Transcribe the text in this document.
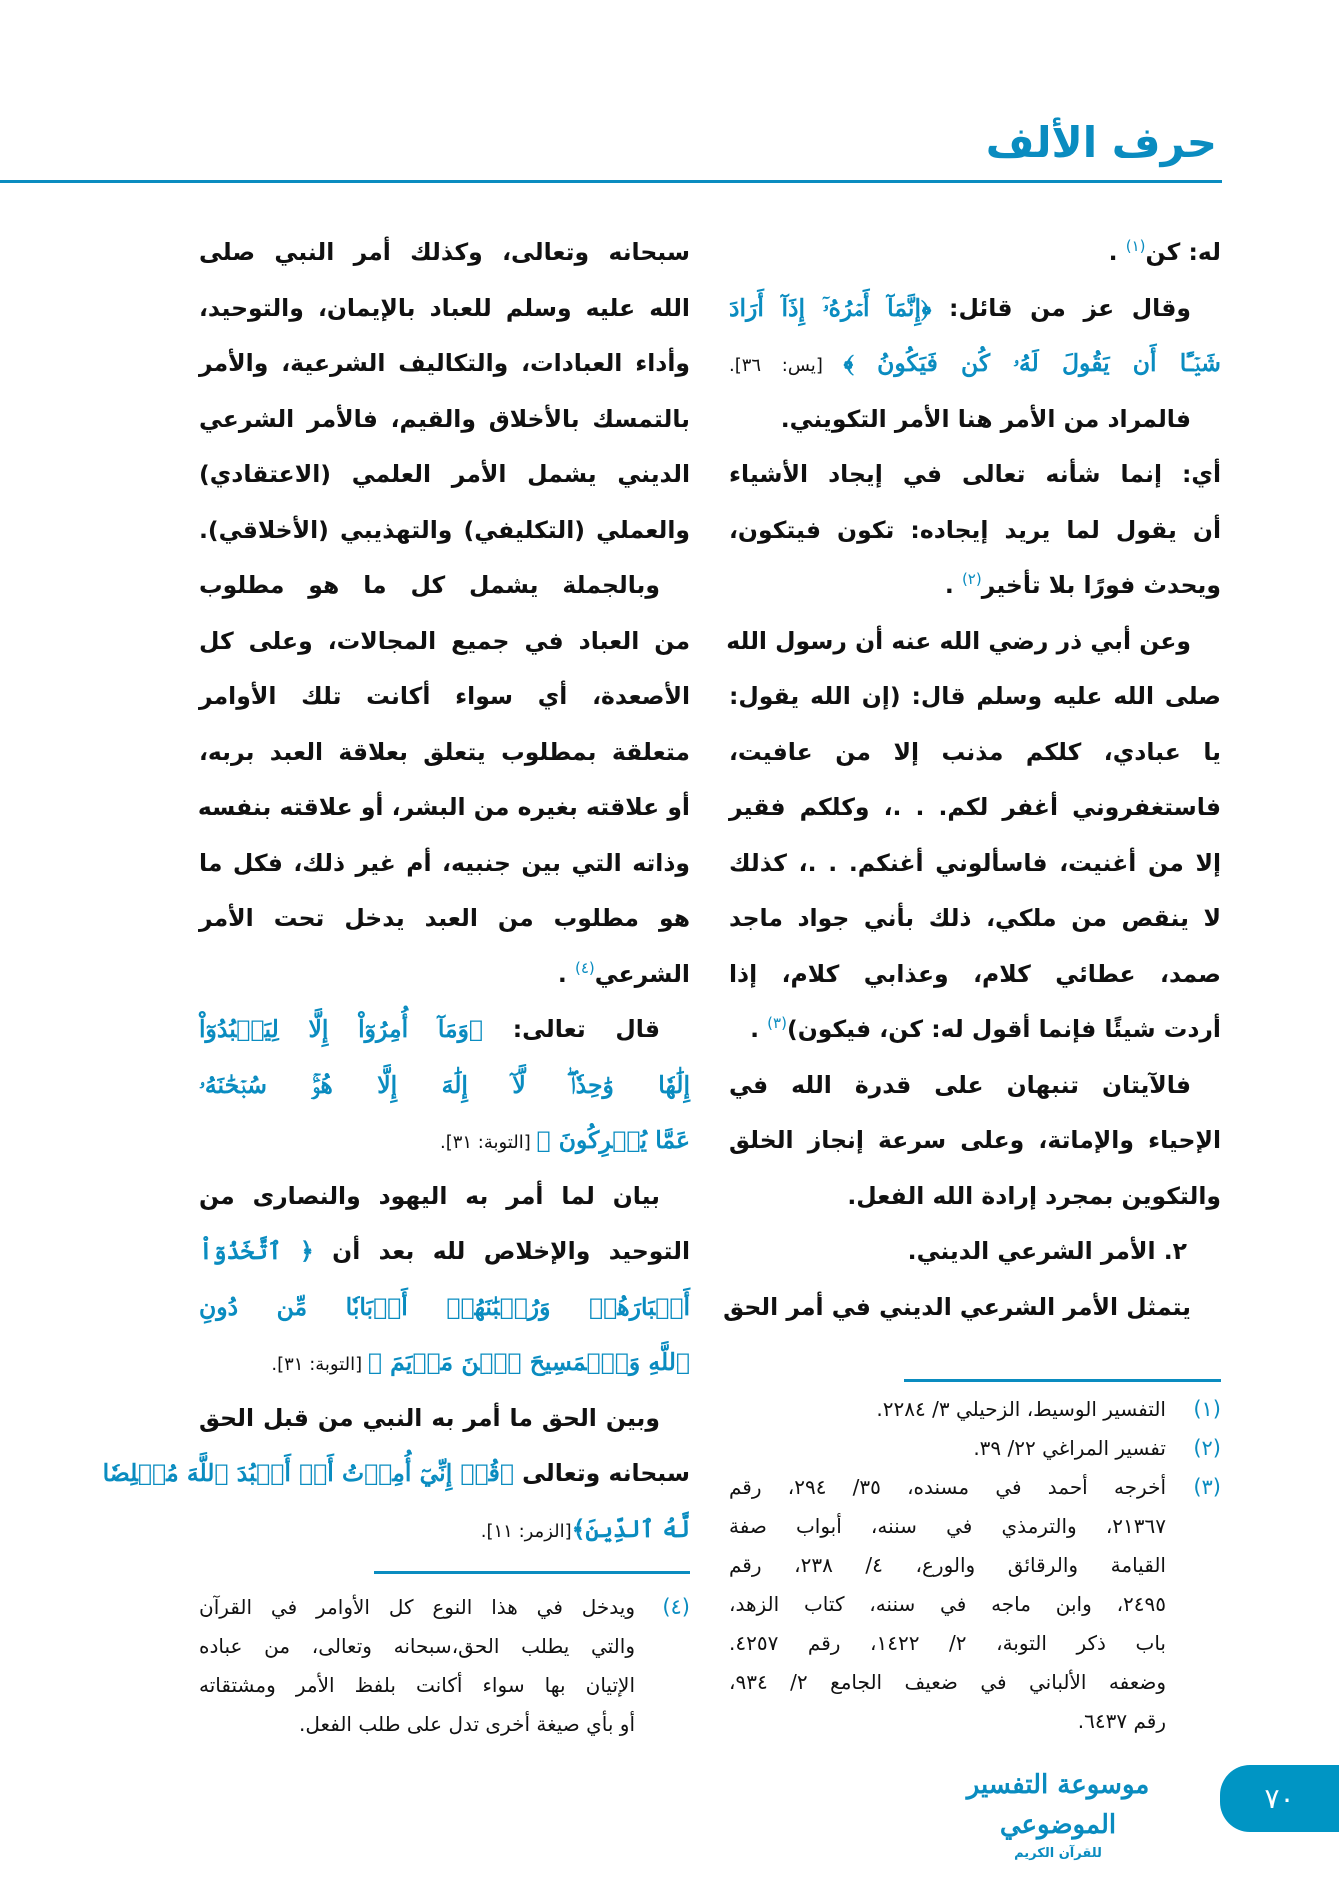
حرف الألف
له: كن$^{(١)}$ .
وقال عز من قائل: ﴿إِنَّمَآ أَمۡرُهُۥٓ إِذَآ أَرَادَ
شَيۡـًٔا أَن يَقُولَ لَهُۥ كُن فَيَكُونُ ﴾ [يس: ٣٦].
فالمراد من الأمر هنا الأمر التكويني.
أي: إنما شأنه تعالى في إيجاد الأشياء
أن يقول لما يريد إيجاده: تكون فيتكون،
ويحدث فورًا بلا تأخير$^{(٢)}$ .
وعن أبي ذر رضي الله عنه أن رسول الله
صلى الله عليه وسلم قال: (إن الله يقول:
يا عبادي، كلكم مذنب إلا من عافيت،
فاستغفروني أغفر لكم. . .، وكلكم فقير
إلا من أغنيت، فاسألوني أغنكم. . .، كذلك
لا ينقص من ملكي، ذلك بأني جواد ماجد
صمد، عطائي كلام، وعذابي كلام، إذا
أردت شيئًا فإنما أقول له: كن، فيكون)$^{(٣)}$ .
فالآيتان تنبهان على قدرة الله في
الإحياء والإماتة، وعلى سرعة إنجاز الخلق
والتكوين بمجرد إرادة الله الفعل.
٢. الأمر الشرعي الديني.
يتمثل الأمر الشرعي الديني في أمر الحق
سبحانه وتعالى، وكذلك أمر النبي صلى
الله عليه وسلم للعباد بالإيمان، والتوحيد،
وأداء العبادات، والتكاليف الشرعية، والأمر
بالتمسك بالأخلاق والقيم، فالأمر الشرعي
الديني يشمل الأمر العلمي (الاعتقادي)
والعملي (التكليفي) والتهذيبي (الأخلاقي).
وبالجملة يشمل كل ما هو مطلوب
من العباد في جميع المجالات، وعلى كل
الأصعدة، أي سواء أكانت تلك الأوامر
متعلقة بمطلوب يتعلق بعلاقة العبد بربه،
أو علاقته بغيره من البشر، أو علاقته بنفسه
وذاته التي بين جنبيه، أم غير ذلك، فكل ما
هو مطلوب من العبد يدخل تحت الأمر
الشرعي$^{(٤)}$ .
قال تعالى: ﴿وَمَآ أُمِرُوٓاْ إِلَّا لِيَعۡبُدُوٓاْ
إِلَٰهٗا وَٰحِدٗاۖ لَّآ إِلَٰهَ إِلَّا هُوَۚ سُبۡحَٰنَهُۥ
عَمَّا يُشۡرِكُونَ ﴾ [التوبة: ٣١].
بيان لما أمر به اليهود والنصارى من
التوحيد والإخلاص لله بعد أن ﴿ ٱتَّخَذُوٓاْ
أَحۡبَارَهُمۡ وَرُهۡبَٰنَهُمۡ أَرۡبَابٗا مِّن دُونِ
ٱللَّهِ وَٱلۡمَسِيحَ ٱبۡنَ مَرۡيَمَ ﴾ [التوبة: ٣١].
وبين الحق ما أمر به النبي من قبل الحق
سبحانه وتعالى ﴿قُلۡ إِنِّيٓ أُمِرۡتُ أَنۡ أَعۡبُدَ ٱللَّهَ مُخۡلِصٗا
لَّهُ ٱلدِّينَ﴾[الزمر: ١١].
(١)
التفسير الوسيط، الزحيلي ٣/ ٢٢٨٤.
(٢)
تفسير المراغي ٢٢/ ٣٩.
(٣)
أخرجه أحمد في مسنده، ٣٥/ ٢٩٤، رقم
٢١٣٦٧، والترمذي في سننه، أبواب صفة
القيامة والرقائق والورع، ٤/ ٢٣٨، رقم
٢٤٩٥، وابن ماجه في سننه، كتاب الزهد،
باب ذكر التوبة، ٢/ ١٤٢٢، رقم ٤٢٥٧.
وضعفه الألباني في ضعيف الجامع ٢/ ٩٣٤،
رقم ٦٤٣٧.
(٤)
ويدخل في هذا النوع كل الأوامر في القرآن
والتي يطلب الحق،سبحانه وتعالى، من عباده
الإتيان بها سواء أكانت بلفظ الأمر ومشتقاته
أو بأي صيغة أخرى تدل على طلب الفعل.
موسوعة التفسير الموضوعي
للقرآن الكريم
٧٠
